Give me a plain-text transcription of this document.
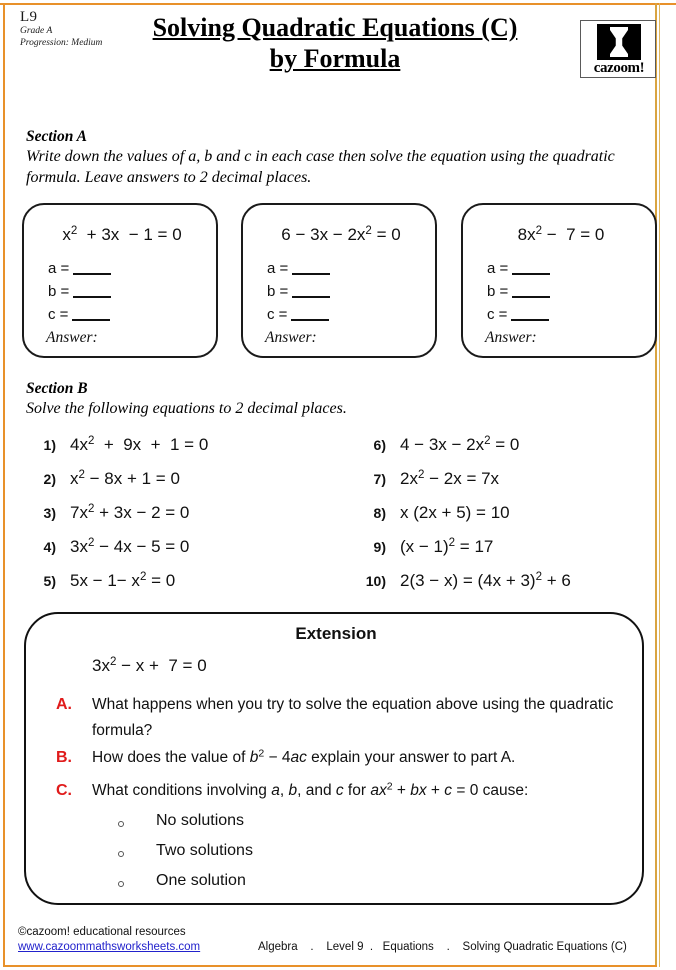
L9
Grade A
Progression: Medium
Solving Quadratic Equations (C)
by Formula	cazoom!
Section A
Write down the values of a, b and c in each case then solve the equation using the quadratic formula. Leave answers to 2 decimal places.
$x^2 + 3x - 1 = 0$
a =
b =
c =
Answer:
$6 - 3x - 2x^2 = 0$
a =
b =
c =
Answer:
$8x^2 - 7 = 0$
a =
b =
c =
Answer:
Section B
Solve the following equations to 2 decimal places.
1) $4x^2 + 9x + 1 = 0$
2) $x^2 - 8x + 1 = 0$
3) $7x^2 + 3x - 2 = 0$
4) $3x^2 - 4x - 5 = 0$
5) $5x - 1- x^2 = 0$
6) $4 - 3x - 2x^2 = 0$
7) $2x^2 - 2x = 7x$
8) x (2x + 5) = 10
9) $(x - 1)^2 = 17$
10) $2(3 - x) = (4x + 3)^2 + 6$
Extension
$3x^2 - x + 7 = 0$
A. What happens when you try to solve the equation above using the quadratic formula?
B. How does the value of $b^2 - 4ac$ explain your answer to part A.
C. What conditions involving a, b, and c for $ax^2$ + bx + c = 0 cause:
No solutions
Two solutions
One solution
©cazoom! educational resources
www.cazoommathsworksheets.com	Algebra    .    Level 9  .   Equations    .    Solving Quadratic Equations (C)
